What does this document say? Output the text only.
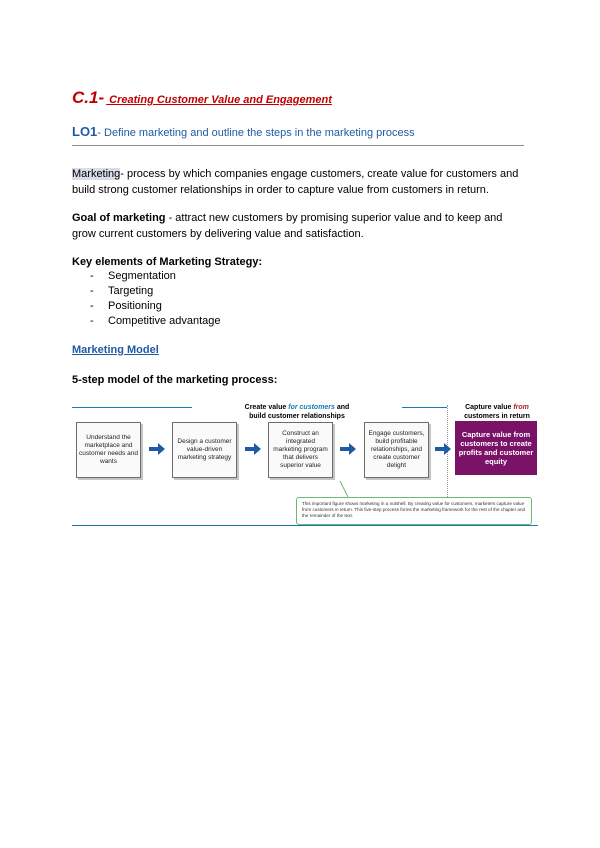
C.1- Creating Customer Value and Engagement
LO1- Define marketing and outline the steps in the marketing process
Marketing- process by which companies engage customers, create value for customers and build strong customer relationships in order to capture value from customers in return.
Goal of marketing - attract new customers by promising superior value and to keep and grow current customers by delivering value and satisfaction.
Key elements of Marketing Strategy:
- Segmentation
- Targeting
- Positioning
- Competitive advantage
Marketing Model
5-step model of the marketing process:
Create value for customers and
build customer relationships
Capture value from
customers in return
Understand the marketplace and customer needs and wants
Design a customer value-driven marketing strategy
Construct an integrated marketing program that delivers superior value
Engage customers, build profitable relationships, and create customer delight
Capture value from customers to create profits and customer equity
This important figure shows marketing in a nutshell. By creating value for customers, marketers capture value from customers in return. This five-step process forms the marketing framework for the rest of the chapter and the remainder of the text.
